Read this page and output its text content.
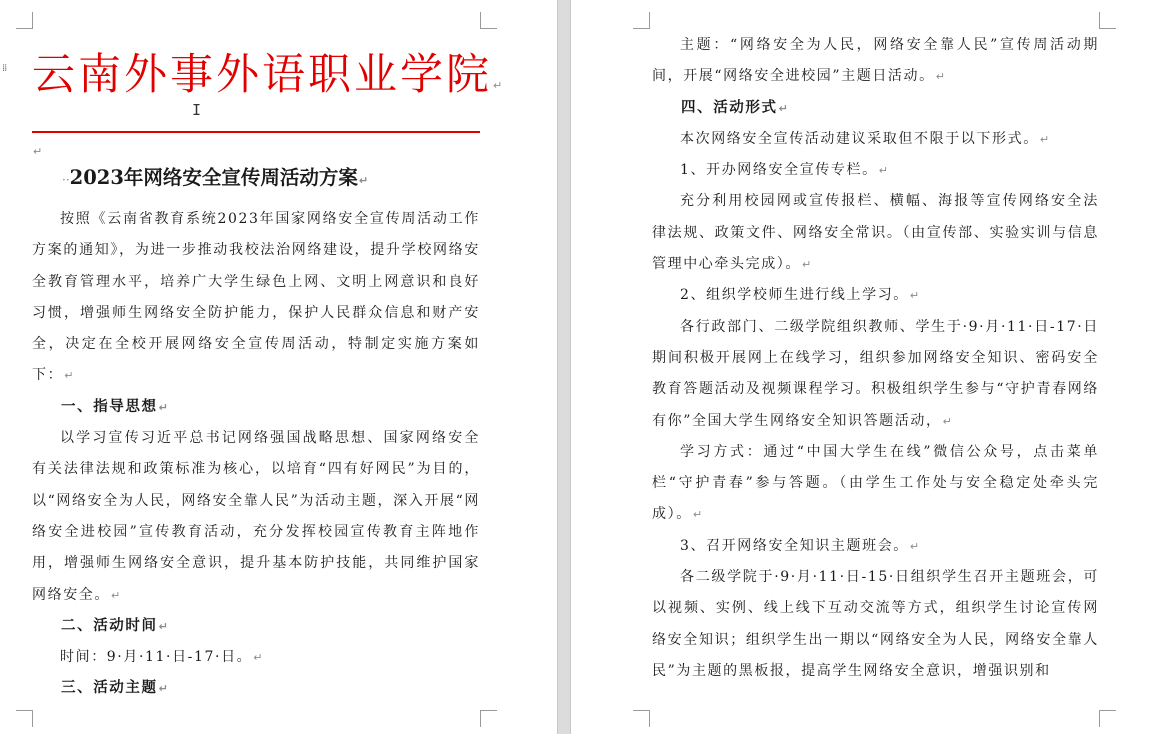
⁞⁞ 云南外事外语职业学院↵
I
↵
··2023年网络安全宣传周活动方案↵

按照《云南省教育系统2023年国家网络安全宣传周活动工作方案的通知》，为进一步推动我校法治网络建设，提升学校网络安全教育管理水平，培养广大学生绿色上网、文明上网意识和良好习惯，增强师生网络安全防护能力，保护人民群众信息和财产安全，决定在全校开展网络安全宣传周活动，特制定实施方案如下：↵

一、指导思想↵

以学习宣传习近平总书记网络强国战略思想、国家网络安全有关法律法规和政策标准为核心，以培育“四有好网民”为目的，以“网络安全为人民，网络安全靠人民”为活动主题，深入开展“网络安全进校园”宣传教育活动，充分发挥校园宣传教育主阵地作用，增强师生网络安全意识，提升基本防护技能，共同维护国家网络安全。↵

二、活动时间↵

时间：9·月·11·日-17·日。↵

三、活动主题↵

主题：“网络安全为人民，网络安全靠人民”宣传周活动期间，开展“网络安全进校园”主题日活动。↵

四、活动形式↵

本次网络安全宣传活动建议采取但不限于以下形式。↵

1、开办网络安全宣传专栏。↵

充分利用校园网或宣传报栏、横幅、海报等宣传网络安全法律法规、政策文件、网络安全常识。（由宣传部、实验实训与信息管理中心牵头完成）。↵

2、组织学校师生进行线上学习。↵

各行政部门、二级学院组织教师、学生于·9·月·11·日-17·日期间积极开展网上在线学习，组织参加网络安全知识、密码安全教育答题活动及视频课程学习。积极组织学生参与“守护青春网络有你”全国大学生网络安全知识答题活动，↵

学习方式：通过“中国大学生在线”微信公众号，点击菜单栏“守护青春”参与答题。（由学生工作处与安全稳定处牵头完成）。↵

3、召开网络安全知识主题班会。↵

各二级学院于·9·月·11·日-15·日组织学生召开主题班会，可以视频、实例、线上线下互动交流等方式，组织学生讨论宣传网络安全知识；组织学生出一期以“网络安全为人民，网络安全靠人民”为主题的黑板报，提高学生网络安全意识，增强识别和
